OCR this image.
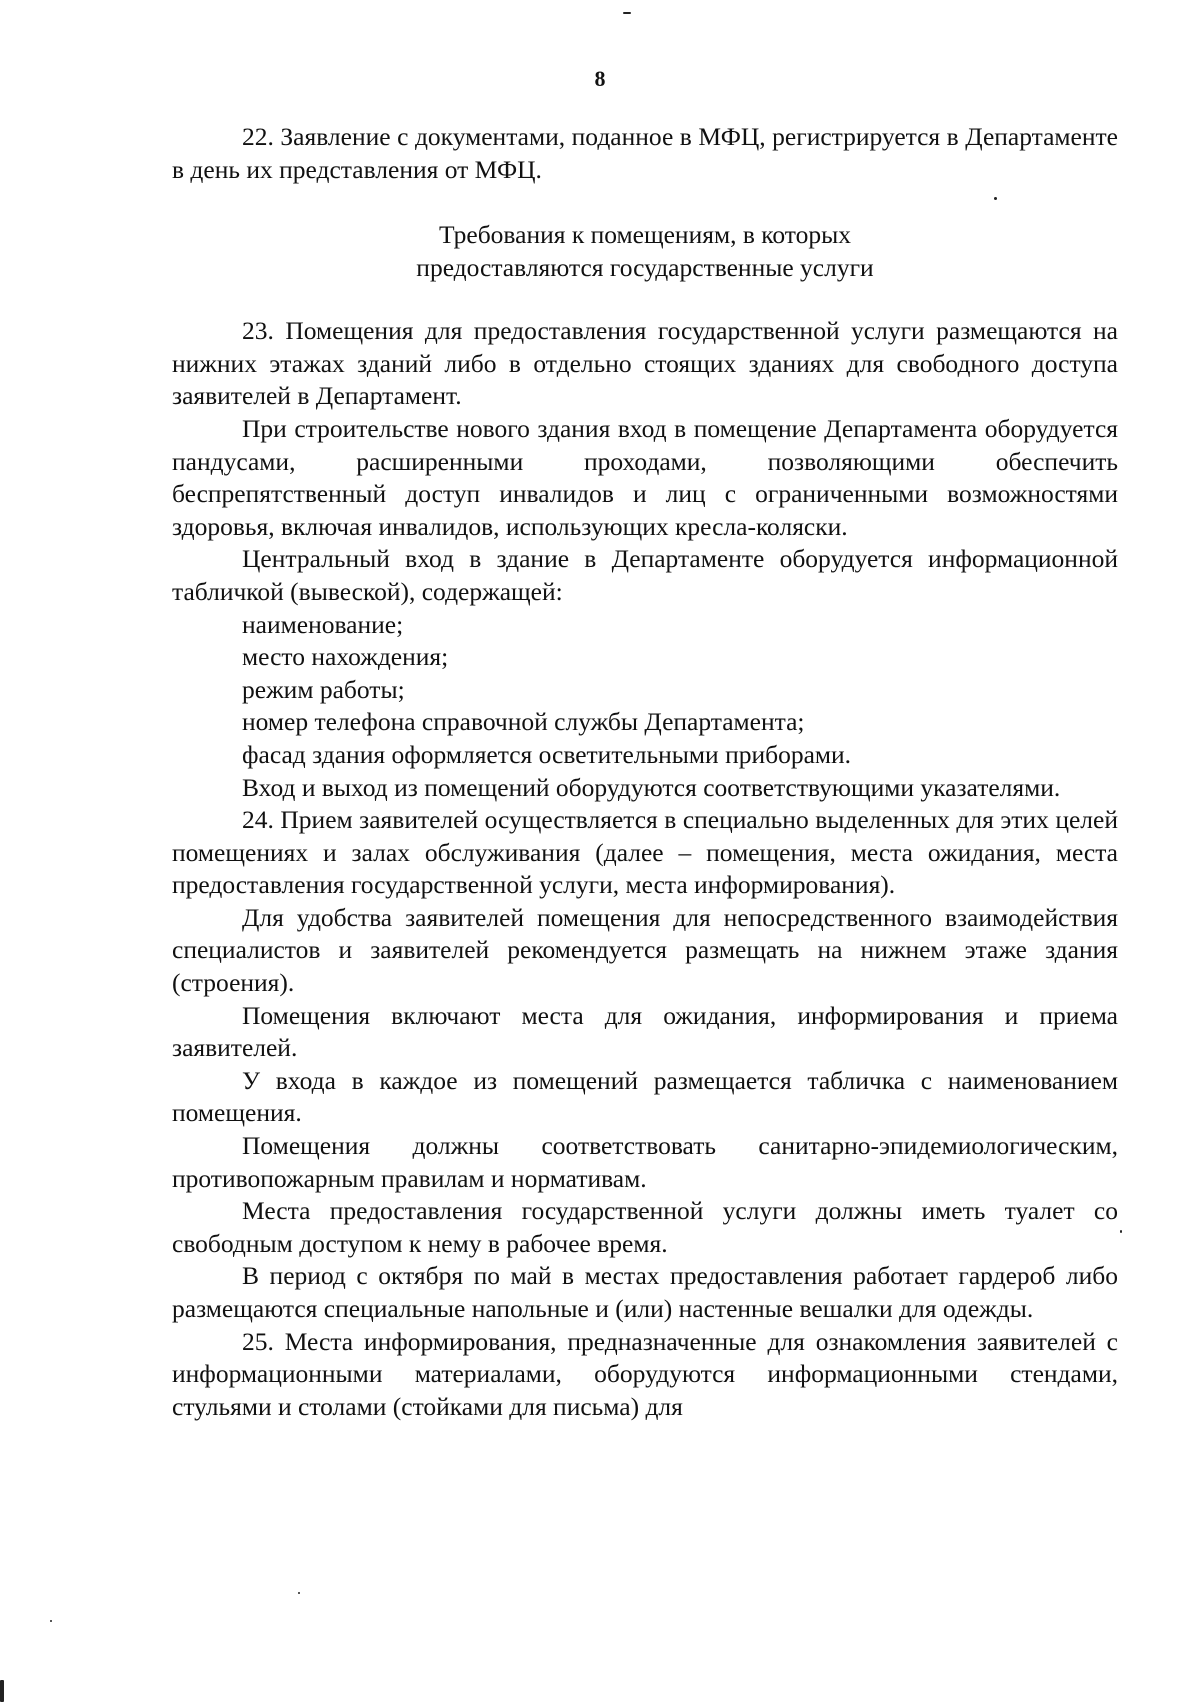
8

22. Заявление с документами, поданное в МФЦ, регистрируется в Департаменте в день их представления от МФЦ.

Требования к помещениям, в которых
предоставляются государственные услуги

23. Помещения для предоставления государственной услуги размещаются на нижних этажах зданий либо в отдельно стоящих зданиях для свободного доступа заявителей в Департамент.

При строительстве нового здания вход в помещение Департамента оборудуется пандусами, расширенными проходами, позволяющими обеспечить беспрепятственный доступ инвалидов и лиц с ограниченными возможностями здоровья, включая инвалидов, использующих кресла-коляски.

Центральный вход в здание в Департаменте оборудуется информационной табличкой (вывеской), содержащей:

наименование;

место нахождения;

режим работы;

номер телефона справочной службы Департамента;

фасад здания оформляется осветительными приборами.

Вход и выход из помещений оборудуются соответствующими указателями.

24. Прием заявителей осуществляется в специально выделенных для этих целей помещениях и залах обслуживания (далее – помещения, места ожидания, места предоставления государственной услуги, места информирования).

Для удобства заявителей помещения для непосредственного взаимодействия специалистов и заявителей рекомендуется размещать на нижнем этаже здания (строения).

Помещения включают места для ожидания, информирования и приема заявителей.

У входа в каждое из помещений размещается табличка с наименованием помещения.

Помещения должны соответствовать санитарно-эпидемиологическим, противопожарным правилам и нормативам.

Места предоставления государственной услуги должны иметь туалет со свободным доступом к нему в рабочее время.

В период с октября по май в местах предоставления работает гардероб либо размещаются специальные напольные и (или) настенные вешалки для одежды.

25. Места информирования, предназначенные для ознакомления заявителей с информационными материалами, оборудуются информационными стендами, стульями и столами (стойками для письма) для
